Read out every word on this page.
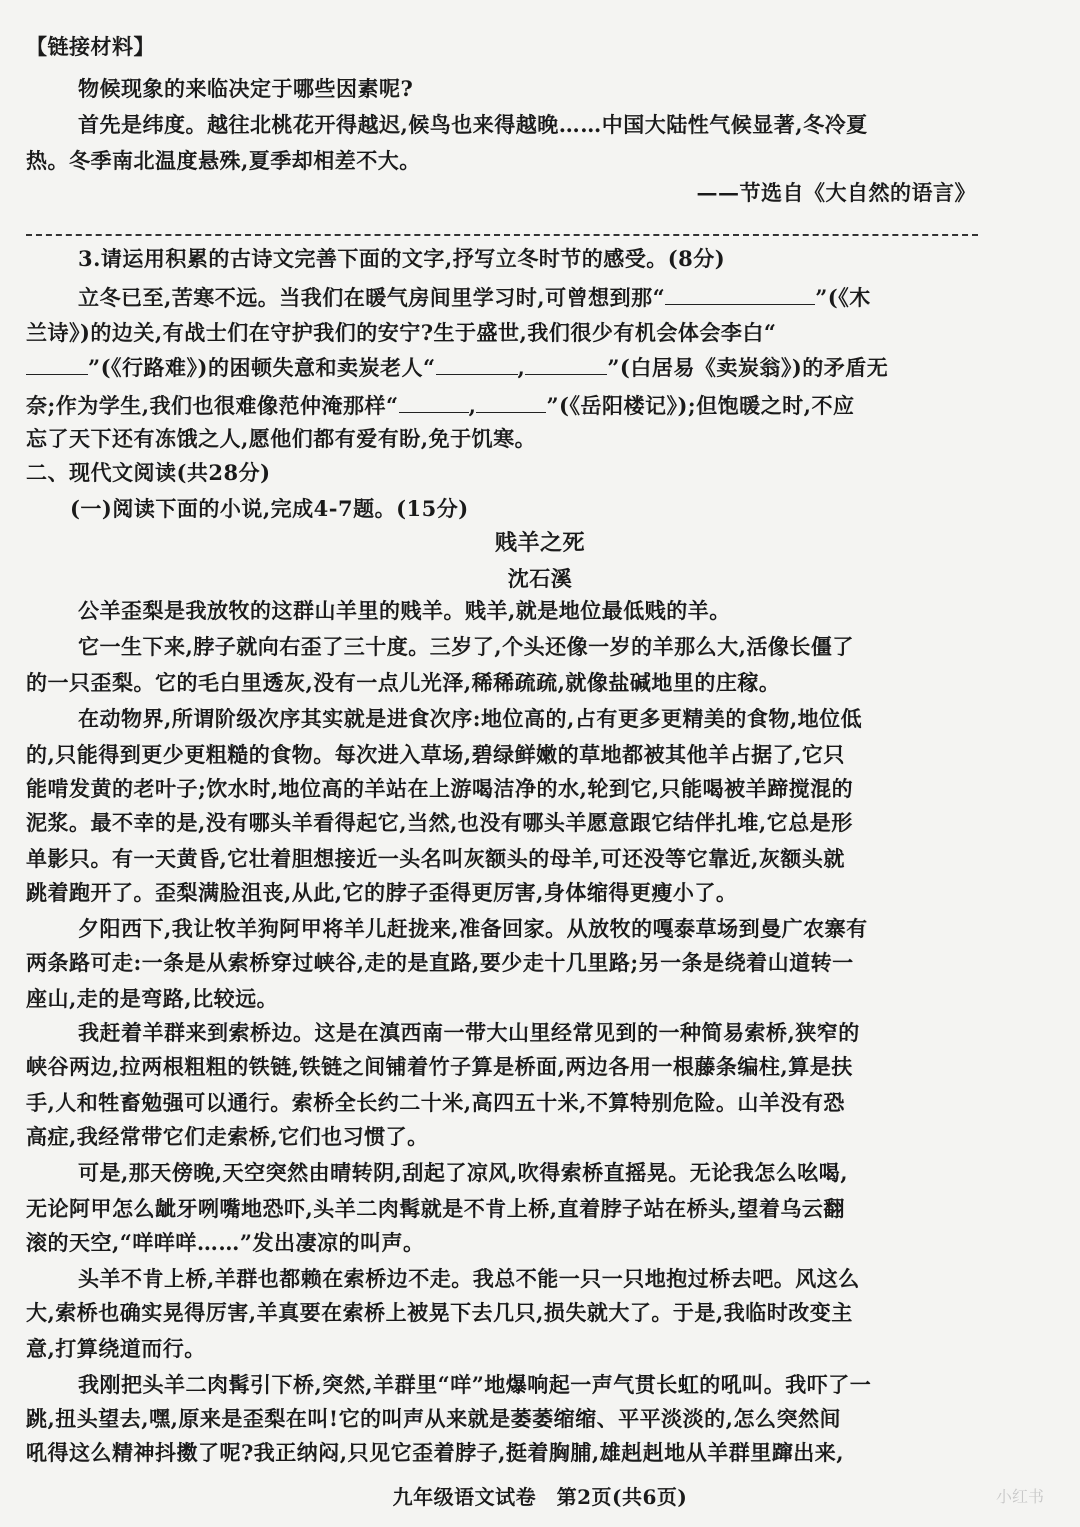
【链接材料】
物候现象的来临决定于哪些因素呢?
首先是纬度。越往北桃花开得越迟,候鸟也来得越晚……中国大陆性气候显著,冬冷夏
热。冬季南北温度悬殊,夏季却相差不大。
——节选自《大自然的语言》
3.请运用积累的古诗文完善下面的文字,抒写立冬时节的感受。(8分)
立冬已至,苦寒不远。当我们在暖气房间里学习时,可曾想到那“	”(《木
兰诗》)的边关,有战士们在守护我们的安宁?生于盛世,我们很少有机会体会李白“
”(《行路难》)的困顿失意和卖炭老人“	,	”(白居易《卖炭翁》)的矛盾无
奈;作为学生,我们也很难像范仲淹那样“	,	”(《岳阳楼记》);但饱暖之时,不应
忘了天下还有冻饿之人,愿他们都有爱有盼,免于饥寒。
二、现代文阅读(共28分)
(一)阅读下面的小说,完成4-7题。(15分)
贱羊之死
沈石溪
公羊歪梨是我放牧的这群山羊里的贱羊。贱羊,就是地位最低贱的羊。
它一生下来,脖子就向右歪了三十度。三岁了,个头还像一岁的羊那么大,活像长僵了
的一只歪梨。它的毛白里透灰,没有一点儿光泽,稀稀疏疏,就像盐碱地里的庄稼。
在动物界,所谓阶级次序其实就是进食次序:地位高的,占有更多更精美的食物,地位低
的,只能得到更少更粗糙的食物。每次进入草场,碧绿鲜嫩的草地都被其他羊占据了,它只
能啃发黄的老叶子;饮水时,地位高的羊站在上游喝洁净的水,轮到它,只能喝被羊蹄搅混的
泥浆。最不幸的是,没有哪头羊看得起它,当然,也没有哪头羊愿意跟它结伴扎堆,它总是形
单影只。有一天黄昏,它壮着胆想接近一头名叫灰额头的母羊,可还没等它靠近,灰额头就
跳着跑开了。歪梨满脸沮丧,从此,它的脖子歪得更厉害,身体缩得更瘦小了。
夕阳西下,我让牧羊狗阿甲将羊儿赶拢来,准备回家。从放牧的嘎泰草场到曼广农寨有
两条路可走:一条是从索桥穿过峡谷,走的是直路,要少走十几里路;另一条是绕着山道转一
座山,走的是弯路,比较远。
我赶着羊群来到索桥边。这是在滇西南一带大山里经常见到的一种简易索桥,狭窄的
峡谷两边,拉两根粗粗的铁链,铁链之间铺着竹子算是桥面,两边各用一根藤条编柱,算是扶
手,人和牲畜勉强可以通行。索桥全长约二十米,高四五十米,不算特别危险。山羊没有恐
高症,我经常带它们走索桥,它们也习惯了。
可是,那天傍晚,天空突然由晴转阴,刮起了凉风,吹得索桥直摇晃。无论我怎么吆喝,
无论阿甲怎么龇牙咧嘴地恐吓,头羊二肉髯就是不肯上桥,直着脖子站在桥头,望着乌云翻
滚的天空,“咩咩咩……”发出凄凉的叫声。
头羊不肯上桥,羊群也都赖在索桥边不走。我总不能一只一只地抱过桥去吧。风这么
大,索桥也确实晃得厉害,羊真要在索桥上被晃下去几只,损失就大了。于是,我临时改变主
意,打算绕道而行。
我刚把头羊二肉髯引下桥,突然,羊群里“咩”地爆响起一声气贯长虹的吼叫。我吓了一
跳,扭头望去,嘿,原来是歪梨在叫!它的叫声从来就是萎萎缩缩、平平淡淡的,怎么突然间
吼得这么精神抖擞了呢?我正纳闷,只见它歪着脖子,挺着胸脯,雄赳赳地从羊群里蹿出来,
九年级语文试卷　第2页(共6页)	小红书
